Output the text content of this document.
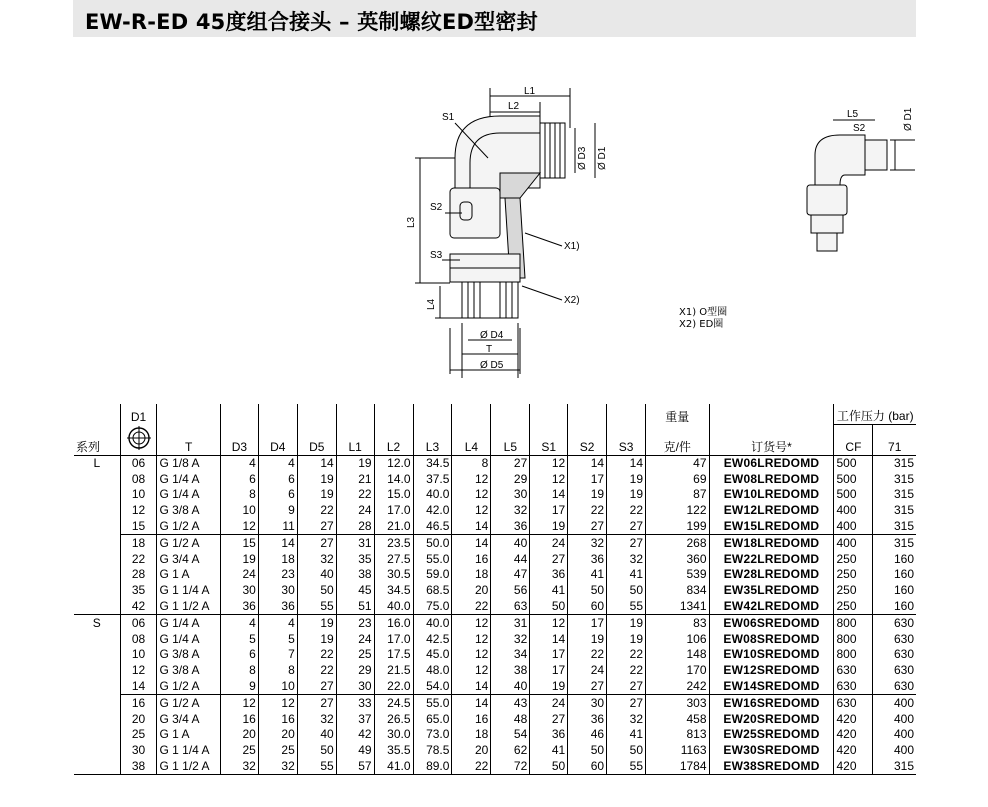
EW-R-ED 45度组合接头 – 英制螺纹ED型密封
L1
L2
S1
S2
S3
X1)
X2)
Ø D4
T
Ø D5
L3
L4
Ø D3 Ø D1
L5
S2	Ø D1
X1) O型圈
X2) ED圈
	D1													重量		工作压力 (bar)	
系列		T	D3	D4	D5	L1	L2	L3	L4	L5	S1	S2	S3	克/件	订货号*	CF	71
L	06	G 1/8 A	4	4	14	19	12.0	34.5	8	27	12	14	14	47	EW06LREDOMD	500	315
	08	G 1/4 A	6	6	19	21	14.0	37.5	12	29	12	17	19	69	EW08LREDOMD	500	315
	10	G 1/4 A	8	6	19	22	15.0	40.0	12	30	14	19	19	87	EW10LREDOMD	500	315
	12	G 3/8 A	10	9	22	24	17.0	42.0	12	32	17	22	22	122	EW12LREDOMD	400	315
	15	G 1/2 A	12	11	27	28	21.0	46.5	14	36	19	27	27	199	EW15LREDOMD	400	315
	18	G 1/2 A	15	14	27	31	23.5	50.0	14	40	24	32	27	268	EW18LREDOMD	400	315
	22	G 3/4 A	19	18	32	35	27.5	55.0	16	44	27	36	32	360	EW22LREDOMD	250	160
	28	G 1 A	24	23	40	38	30.5	59.0	18	47	36	41	41	539	EW28LREDOMD	250	160
	35	G 1 1/4 A	30	30	50	45	34.5	68.5	20	56	41	50	50	834	EW35LREDOMD	250	160
	42	G 1 1/2 A	36	36	55	51	40.0	75.0	22	63	50	60	55	1341	EW42LREDOMD	250	160
S	06	G 1/4 A	4	4	19	23	16.0	40.0	12	31	12	17	19	83	EW06SREDOMD	800	630
	08	G 1/4 A	5	5	19	24	17.0	42.5	12	32	14	19	19	106	EW08SREDOMD	800	630
	10	G 3/8 A	6	7	22	25	17.5	45.0	12	34	17	22	22	148	EW10SREDOMD	800	630
	12	G 3/8 A	8	8	22	29	21.5	48.0	12	38	17	24	22	170	EW12SREDOMD	630	630
	14	G 1/2 A	9	10	27	30	22.0	54.0	14	40	19	27	27	242	EW14SREDOMD	630	630
	16	G 1/2 A	12	12	27	33	24.5	55.0	14	43	24	30	27	303	EW16SREDOMD	630	400
	20	G 3/4 A	16	16	32	37	26.5	65.0	16	48	27	36	32	458	EW20SREDOMD	420	400
	25	G 1 A	20	20	40	42	30.0	73.0	18	54	36	46	41	813	EW25SREDOMD	420	400
	30	G 1 1/4 A	25	25	50	49	35.5	78.5	20	62	41	50	50	1163	EW30SREDOMD	420	400
	38	G 1 1/2 A	32	32	55	57	41.0	89.0	22	72	50	60	55	1784	EW38SREDOMD	420	315
